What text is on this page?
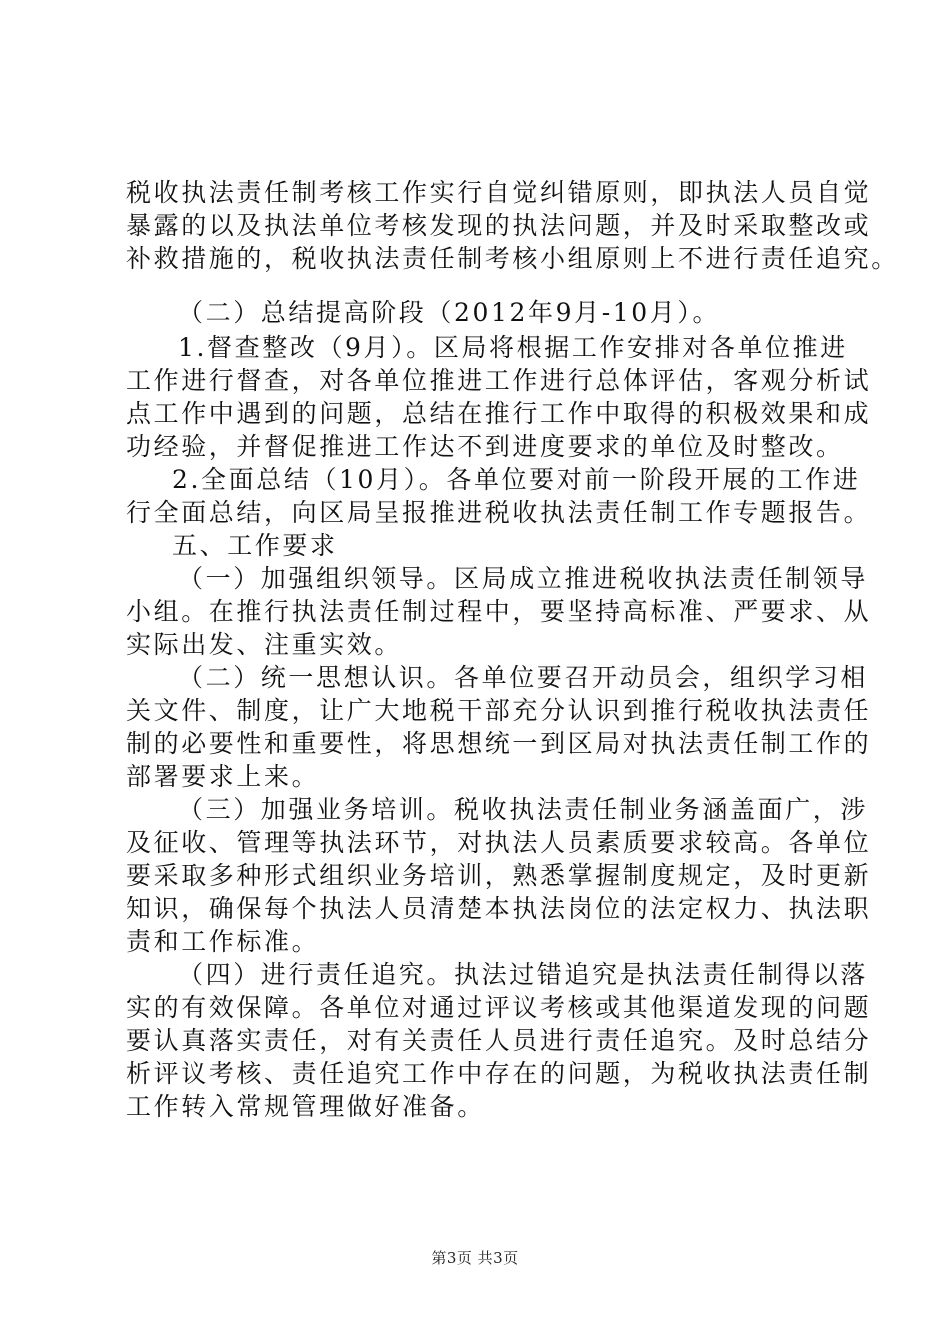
税收执法责任制考核工作实行自觉纠错原则，即执法人员自觉
暴露的以及执法单位考核发现的执法问题，并及时采取整改或
补救措施的，税收执法责任制考核小组原则上不进行责任追究。
（二）总结提高阶段（2012年9月-10月）。
1.督查整改（9月）。区局将根据工作安排对各单位推进
工作进行督查，对各单位推进工作进行总体评估，客观分析试
点工作中遇到的问题，总结在推行工作中取得的积极效果和成
功经验，并督促推进工作达不到进度要求的单位及时整改。
2.全面总结（10月）。各单位要对前一阶段开展的工作进
行全面总结，向区局呈报推进税收执法责任制工作专题报告。
五、工作要求
（一）加强组织领导。区局成立推进税收执法责任制领导
小组。在推行执法责任制过程中，要坚持高标准、严要求、从
实际出发、注重实效。
（二）统一思想认识。各单位要召开动员会，组织学习相
关文件、制度，让广大地税干部充分认识到推行税收执法责任
制的必要性和重要性，将思想统一到区局对执法责任制工作的
部署要求上来。
（三）加强业务培训。税收执法责任制业务涵盖面广，涉
及征收、管理等执法环节，对执法人员素质要求较高。各单位
要采取多种形式组织业务培训，熟悉掌握制度规定，及时更新
知识，确保每个执法人员清楚本执法岗位的法定权力、执法职
责和工作标准。
（四）进行责任追究。执法过错追究是执法责任制得以落
实的有效保障。各单位对通过评议考核或其他渠道发现的问题
要认真落实责任，对有关责任人员进行责任追究。及时总结分
析评议考核、责任追究工作中存在的问题，为税收执法责任制
工作转入常规管理做好准备。
第3页 共3页
